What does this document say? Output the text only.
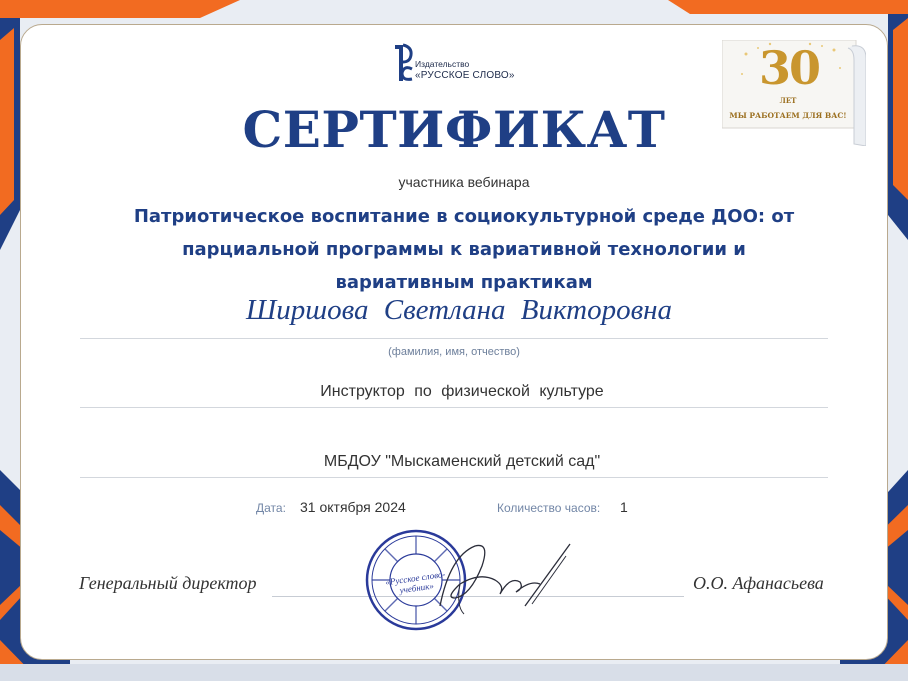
Издательство
«РУССКОЕ СЛОВО»	30
ЛЕТ
МЫ РАБОТАЕМ ДЛЯ ВАС!
СЕРТИФИКАТ
участника вебинара
Патриотическое воспитание в социокультурной среде ДОО: от парциальной программы к вариативной технологии и вариативным практикам
Ширшова Светлана Викторовна
(фамилия, имя, отчество)
Инструктор по физической культуре
МБДОУ "Мыскаменский детский сад"
Дата: 31 октября 2024	Количество часов: 1
Генеральный директор	О.О. Афанасьева
«Русское слово-учебник»
